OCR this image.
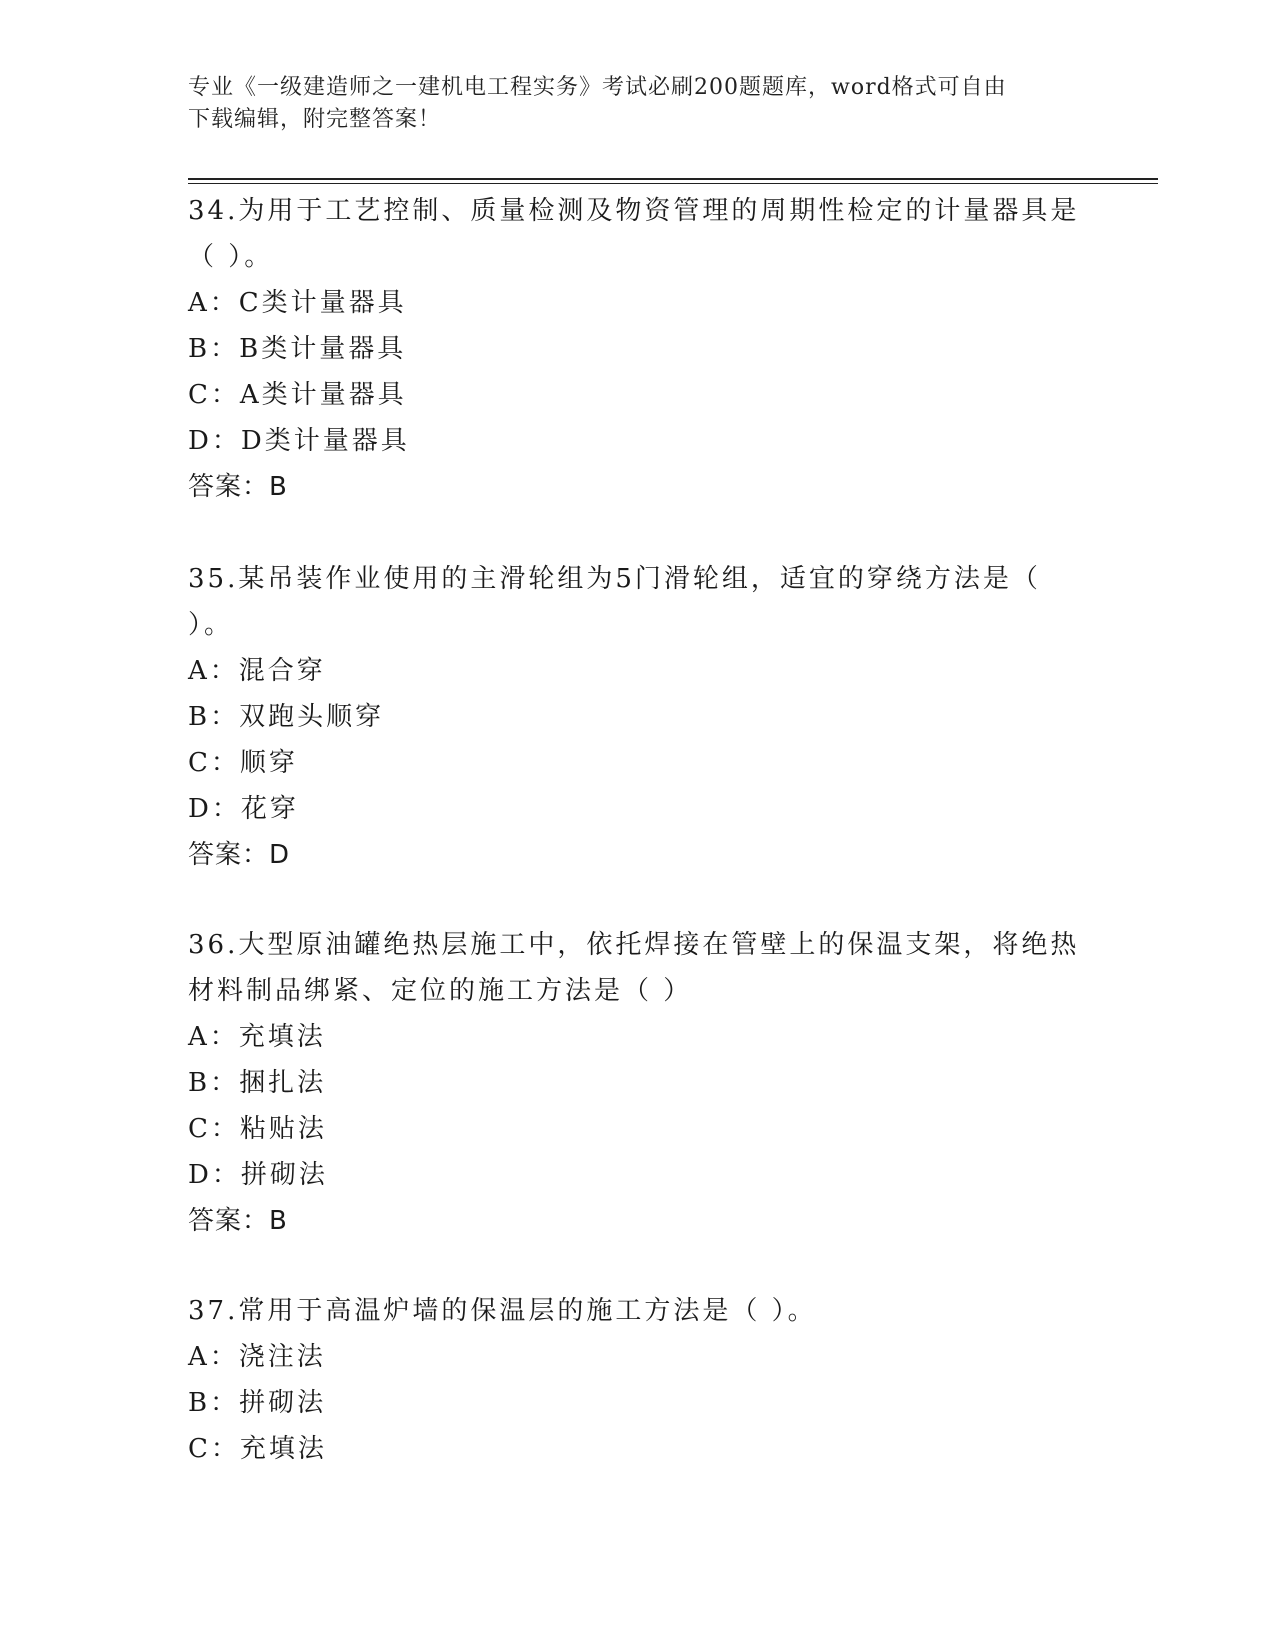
专业《一级建造师之一建机电工程实务》考试必刷200题题库，word格式可自由

下载编辑，附完整答案！

34.为用于工艺控制、质量检测及物资管理的周期性检定的计量器具是（ ）。

A：C类计量器具

B：B类计量器具

C：A类计量器具

D：D类计量器具

答案：B

35.某吊装作业使用的主滑轮组为5门滑轮组，适宜的穿绕方法是（ ）。

A：混合穿

B：双跑头顺穿

C：顺穿

D：花穿

答案：D

36.大型原油罐绝热层施工中，依托焊接在管壁上的保温支架，将绝热材料制品绑紧、定位的施工方法是（ ）

A：充填法

B：捆扎法

C：粘贴法

D：拼砌法

答案：B

37.常用于高温炉墙的保温层的施工方法是（ ）。

A：浇注法

B：拼砌法

C：充填法
